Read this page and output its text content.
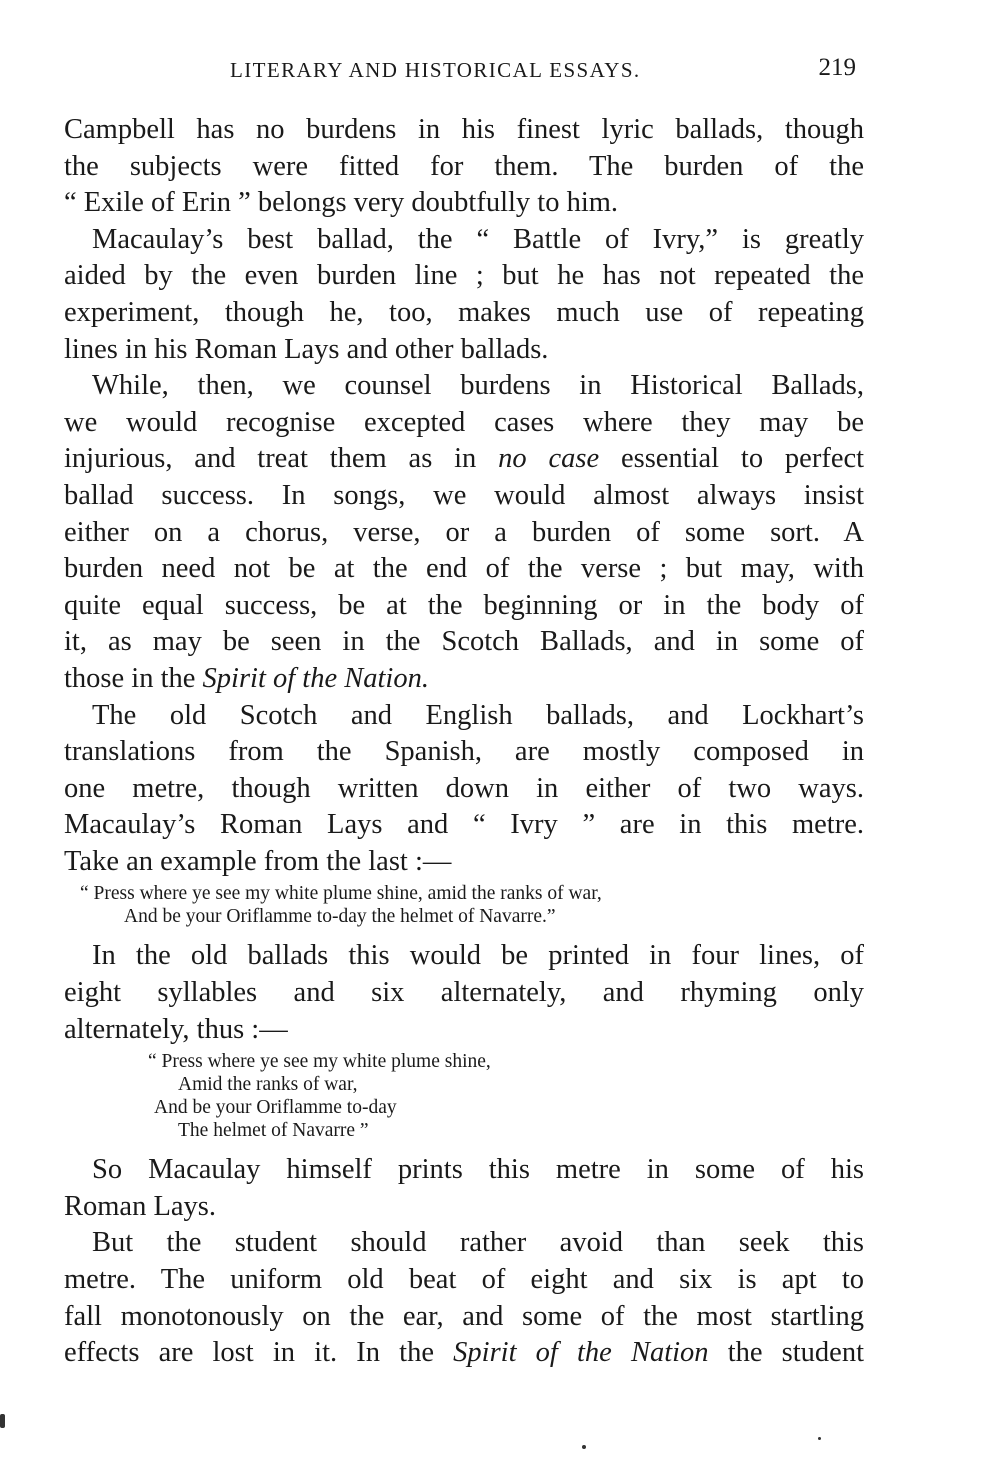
LITERARY AND HISTORICAL ESSAYS.	219

Campbell has no burdens in his finest lyric ballads, though
the subjects were fitted for them. The burden of the
“ Exile of Erin ” belongs very doubtfully to him.

Macaulay’s best ballad, the “ Battle of Ivry,” is greatly
aided by the even burden line ; but he has not repeated the
experiment, though he, too, makes much use of repeating
lines in his Roman Lays and other ballads.

While, then, we counsel burdens in Historical Ballads,
we would recognise excepted cases where they may be
injurious, and treat them as in no case essential to perfect
ballad success. In songs, we would almost always insist
either on a chorus, verse, or a burden of some sort. A
burden need not be at the end of the verse ; but may, with
quite equal success, be at the beginning or in the body of
it, as may be seen in the Scotch Ballads, and in some of
those in the Spirit of the Nation.

The old Scotch and English ballads, and Lockhart’s
translations from the Spanish, are mostly composed in
one metre, though written down in either of two ways.
Macaulay’s Roman Lays and “ Ivry ” are in this metre.
Take an example from the last :—

“ Press where ye see my white plume shine, amid the ranks of war,
And be your Oriflamme to-day the helmet of Navarre.”

In the old ballads this would be printed in four lines, of
eight syllables and six alternately, and rhyming only
alternately, thus :—

“ Press where ye see my white plume shine,
Amid the ranks of war,
And be your Oriflamme to-day
The helmet of Navarre ”

So Macaulay himself prints this metre in some of his
Roman Lays.

But the student should rather avoid than seek this
metre. The uniform old beat of eight and six is apt to
fall monotonously on the ear, and some of the most startling
effects are lost in it. In the Spirit of the Nation the student
